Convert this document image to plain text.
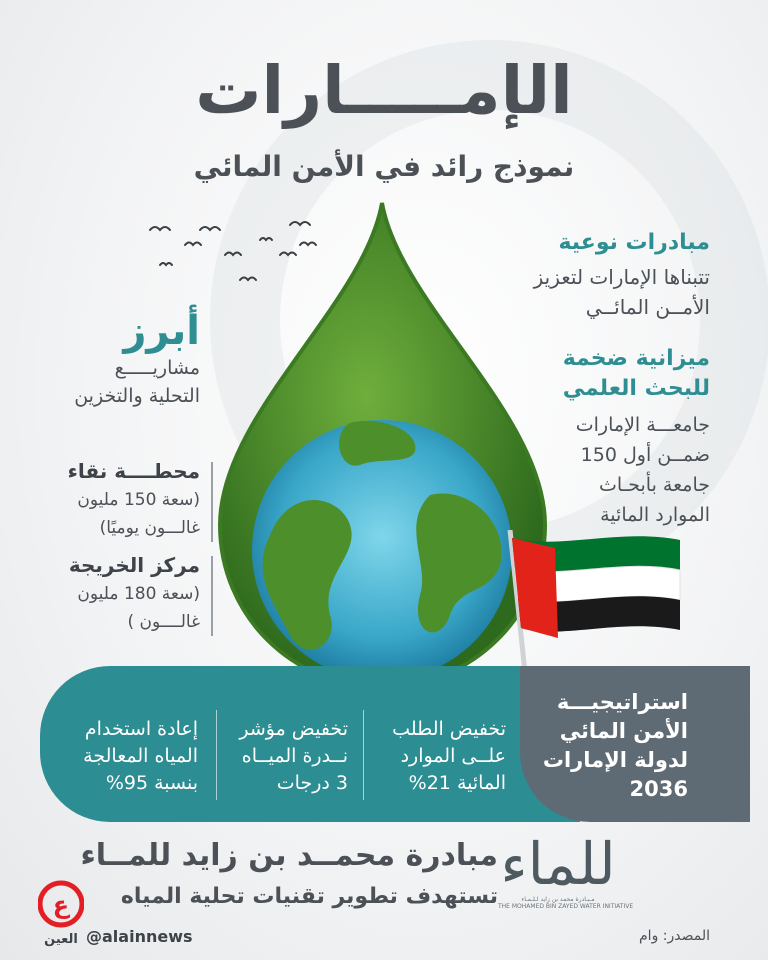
الإمـــــارات
نموذج رائد في الأمن المائي
مبادرات نوعية
تتبناها الإمارات لتعزيز
الأمــن المائــي
ميزانية ضخمة
للبحث العلمي
جامعـــة الإمارات
ضمــن أول 150
جامعة بأبحـاث
الموارد المائية
أبرز
مشاريـــــع
التحلية والتخزين
محطــــة نقاء
(سعة 150 مليون
غالـــون يوميًا)
مركز الخريجة
(سعة 180 مليون
غالــــون )
تخفيض الطلب
علــى الموارد
المائية 21%
تخفيض مؤشر
نــدرة الميــاه
3 درجات
إعادة استخدام
المياه المعالجة
بنسبة 95%
استراتيجيـــة
الأمن المائي
لدولة الإمارات
2036
مبادرة محمــد بن زايد للمــاء
تستهدف تطوير تقنيات تحلية المياه للماء
مـبـادرة محمد بن زايد لـلـمـاء
THE MOHAMED BIN ZAYED WATER INITIATIVE
المصدر: وام
ع
العين @alainnews
